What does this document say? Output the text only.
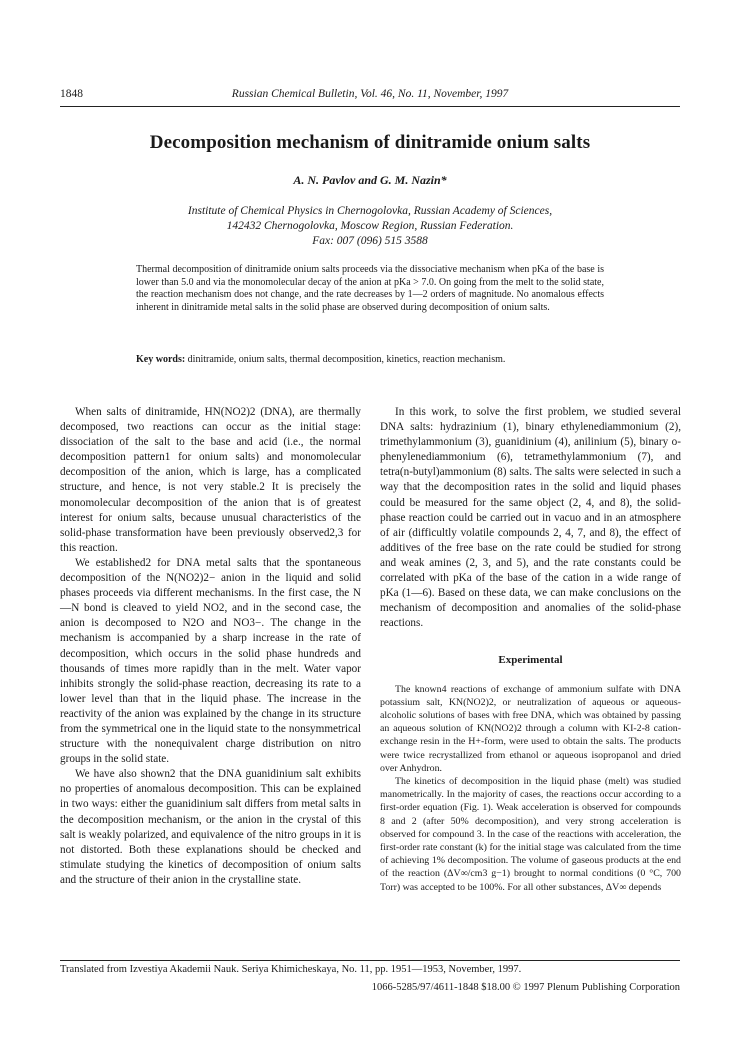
1848	Russian Chemical Bulletin, Vol. 46, No. 11, November, 1997
Decomposition mechanism of dinitramide onium salts
A. N. Pavlov and G. M. Nazin*
Institute of Chemical Physics in Chernogolovka, Russian Academy of Sciences,
142432 Chernogolovka, Moscow Region, Russian Federation.
Fax: 007 (096) 515 3588

Thermal decomposition of dinitramide onium salts proceeds via the dissociative mechanism when pKa of the base is lower than 5.0 and via the monomolecular decay of the anion at pKa > 7.0. On going from the melt to the solid state, the reaction mechanism does not change, and the rate decreases by 1—2 orders of magnitude. No anomalous effects inherent in dinitramide metal salts in the solid phase are observed during decomposition of onium salts.

Key words: dinitramide, onium salts, thermal decomposition, kinetics, reaction mechanism.

When salts of dinitramide, HN(NO2)2 (DNA), are thermally decomposed, two reactions can occur as the initial stage: dissociation of the salt to the base and acid (i.e., the normal decomposition pattern1 for onium salts) and monomolecular decomposition of the anion, which is large, has a complicated structure, and hence, is not very stable.2 It is precisely the monomolecular decomposition of the anion that is of greatest interest for onium salts, because unusual characteristics of the solid-phase transformation have been previously observed2,3 for this reaction.

We established2 for DNA metal salts that the spontaneous decomposition of the N(NO2)2− anion in the liquid and solid phases proceeds via different mechanisms. In the first case, the N—N bond is cleaved to yield NO2, and in the second case, the anion is decomposed to N2O and NO3−. The change in the mechanism is accompanied by a sharp increase in the rate of decomposition, which occurs in the solid phase hundreds and thousands of times more rapidly than in the melt. Water vapor inhibits strongly the solid-phase reaction, decreasing its rate to a lower level than that in the liquid phase. The increase in the reactivity of the anion was explained by the change in its structure from the symmetrical one in the liquid state to the nonsymmetrical structure with the nonequivalent charge distribution on nitro groups in the solid state.

We have also shown2 that the DNA guanidinium salt exhibits no properties of anomalous decomposition. This can be explained in two ways: either the guanidinium salt differs from metal salts in the decomposition mechanism, or the anion in the crystal of this salt is weakly polarized, and equivalence of the nitro groups in it is not distorted. Both these explanations should be checked and stimulate studying the kinetics of decomposition of onium salts and the structure of their anion in the crystalline state.

In this work, to solve the first problem, we studied several DNA salts: hydrazinium (1), binary ethylenediammonium (2), trimethylammonium (3), guanidinium (4), anilinium (5), binary o-phenylenediammonium (6), tetramethylammonium (7), and tetra(n-butyl)ammonium (8) salts. The salts were selected in such a way that the decomposition rates in the solid and liquid phases could be measured for the same object (2, 4, and 8), the solid-phase reaction could be carried out in vacuo and in an atmosphere of air (difficultly volatile compounds 2, 4, 7, and 8), the effect of additives of the free base on the rate could be studied for strong and weak amines (2, 3, and 5), and the rate constants could be correlated with pKa of the base of the cation in a wide range of pKa (1—6). Based on these data, we can make conclusions on the mechanism of decomposition and anomalies of the solid-phase reactions.

Experimental

The known4 reactions of exchange of ammonium sulfate with DNA potassium salt, KN(NO2)2, or neutralization of aqueous or aqueous-alcoholic solutions of bases with free DNA, which was obtained by passing an aqueous solution of KN(NO2)2 through a column with KI-2-8 cation-exchange resin in the H+-form, were used to obtain the salts. The products were twice recrystallized from ethanol or aqueous isopropanol and dried over Anhydron.

The kinetics of decomposition in the liquid phase (melt) was studied manometrically. In the majority of cases, the reactions occur according to a first-order equation (Fig. 1). Weak acceleration is observed for compounds 8 and 2 (after 50% decomposition), and very strong acceleration is observed for compound 3. In the case of the reactions with acceleration, the first-order rate constant (k) for the initial stage was calculated from the time of achieving 1% decomposition. The volume of gaseous products at the end of the reaction (ΔV∞/cm3 g−1) brought to normal conditions (0 °C, 700 Torr) was accepted to be 100%. For all other substances, ΔV∞ depends

Translated from Izvestiya Akademii Nauk. Seriya Khimicheskaya, No. 11, pp. 1951—1953, November, 1997.
1066-5285/97/4611-1848 $18.00 © 1997 Plenum Publishing Corporation
